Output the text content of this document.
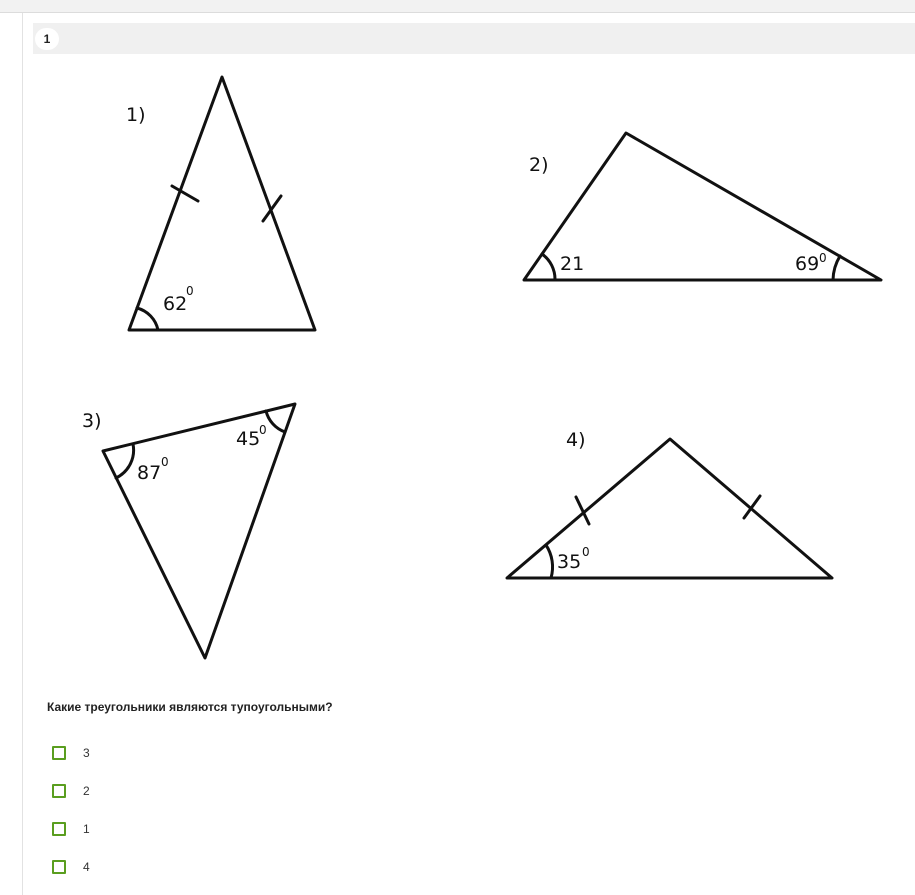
1
1)
62
0
2)
21	69 0
3)
87 0
45
0	4)
35 0
Какие треугольники являются тупоугольными?
3
2
1
4
